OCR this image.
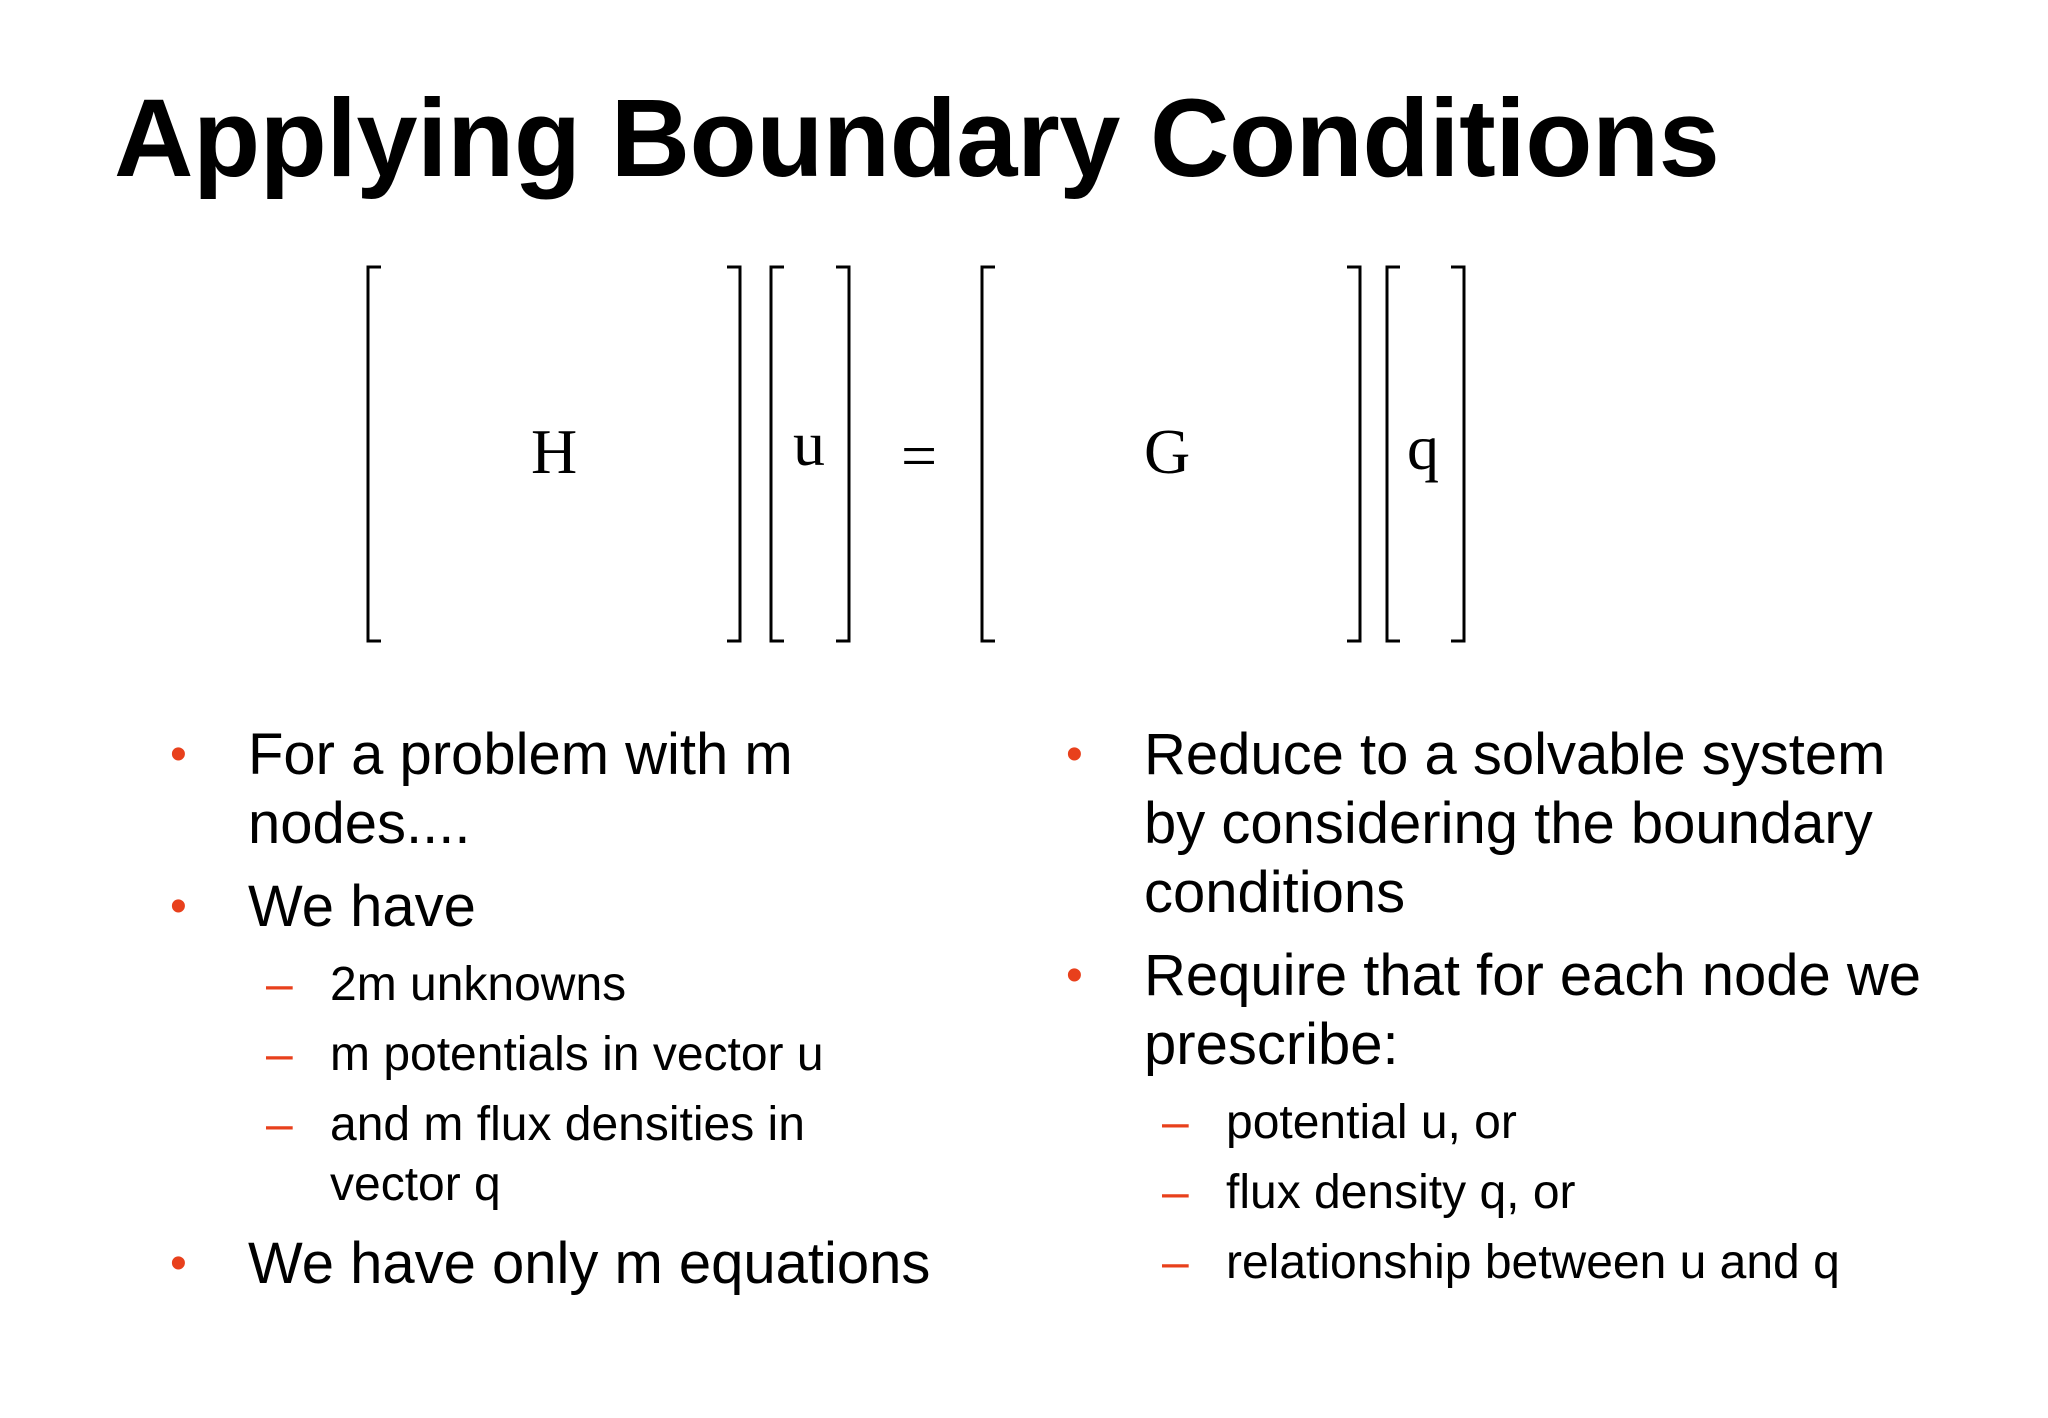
Applying Boundary Conditions
H	u =	G	q
• For a problem with m nodes....
• We have
– 2m unknowns
– m potentials in vector u
– and m flux densities in vector q
• We have only m equations
• Reduce to a solvable system by considering the boundary conditions
• Require that for each node we prescribe:
– potential u, or
– flux density q, or
– relationship between u and q
